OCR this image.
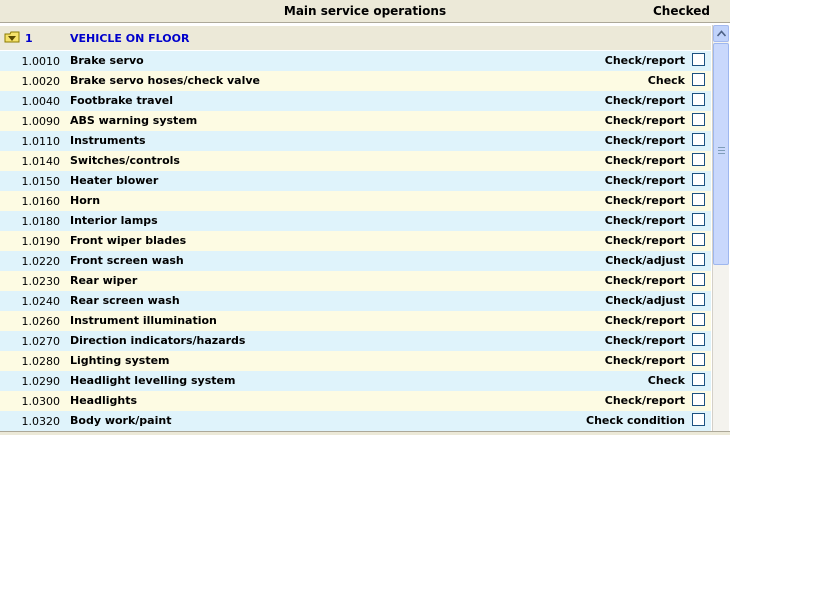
Main service operations	Checked
1	VEHICLE ON FLOOR
1.0010 Brake servo	Check/report
1.0020 Brake servo hoses/check valve	Check
1.0040 Footbrake travel	Check/report
1.0090 ABS warning system	Check/report
1.0110 Instruments	Check/report
1.0140 Switches/controls	Check/report
1.0150 Heater blower	Check/report
1.0160 Horn	Check/report
1.0180 Interior lamps	Check/report
1.0190 Front wiper blades	Check/report
1.0220 Front screen wash	Check/adjust
1.0230 Rear wiper	Check/report
1.0240 Rear screen wash	Check/adjust
1.0260 Instrument illumination	Check/report
1.0270 Direction indicators/hazards	Check/report
1.0280 Lighting system	Check/report
1.0290 Headlight levelling system	Check
1.0300 Headlights	Check/report
1.0320 Body work/paint	Check condition
